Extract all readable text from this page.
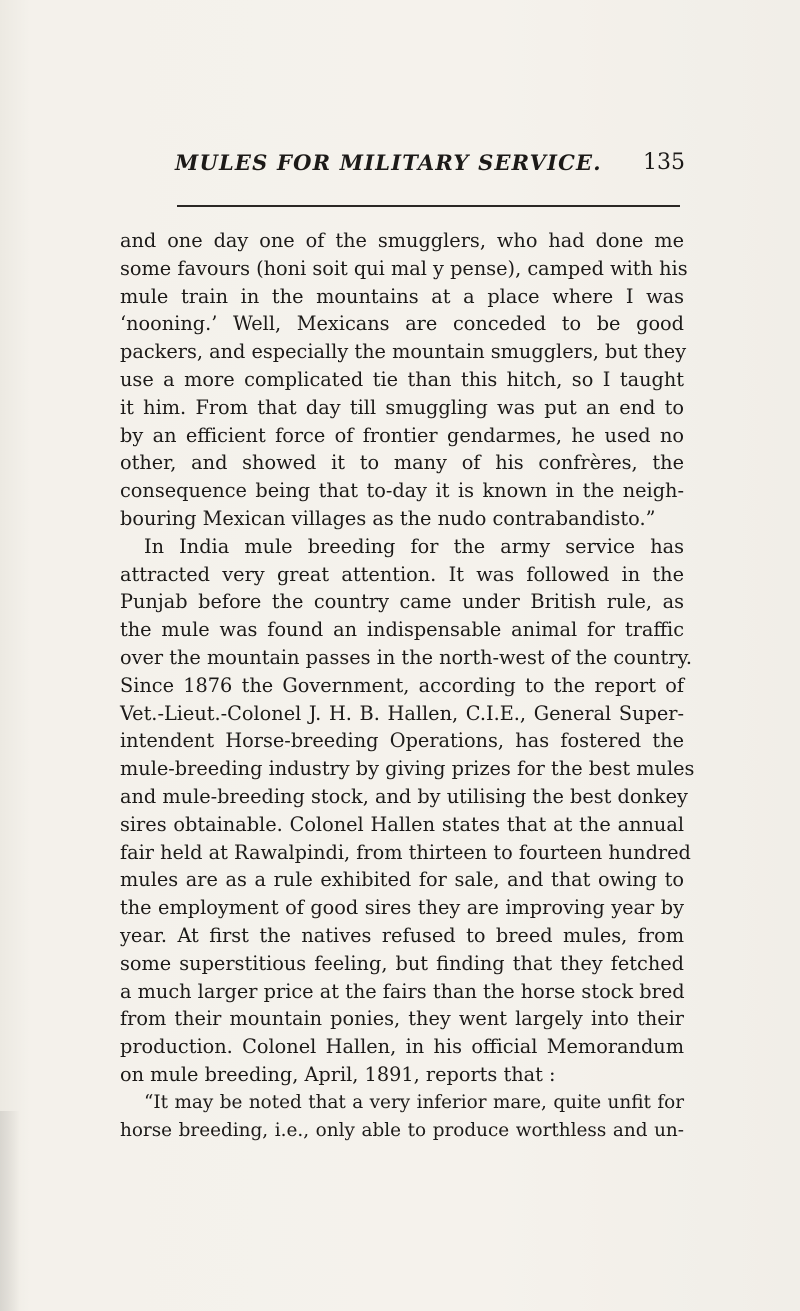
MULES FOR MILITARY SERVICE. 135
and one day one of the smugglers, who had done me
some favours (honi soit qui mal y pense), camped with his
mule train in the mountains at a place where I was
‘nooning.’ Well, Mexicans are conceded to be good
packers, and especially the mountain smugglers, but they
use a more complicated tie than this hitch, so I taught
it him. From that day till smuggling was put an end to
by an efficient force of frontier gendarmes, he used no
other, and showed it to many of his confrères, the
consequence being that to-day it is known in the neigh-
bouring Mexican villages as the nudo contrabandisto.”
In India mule breeding for the army service has
attracted very great attention. It was followed in the
Punjab before the country came under British rule, as
the mule was found an indispensable animal for traffic
over the mountain passes in the north-west of the country.
Since 1876 the Government, according to the report of
Vet.-Lieut.-Colonel J. H. B. Hallen, C.I.E., General Super-
intendent Horse-breeding Operations, has fostered the
mule-breeding industry by giving prizes for the best mules
and mule-breeding stock, and by utilising the best donkey
sires obtainable. Colonel Hallen states that at the annual
fair held at Rawalpindi, from thirteen to fourteen hundred
mules are as a rule exhibited for sale, and that owing to
the employment of good sires they are improving year by
year. At first the natives refused to breed mules, from
some superstitious feeling, but finding that they fetched
a much larger price at the fairs than the horse stock bred
from their mountain ponies, they went largely into their
production. Colonel Hallen, in his official Memorandum
on mule breeding, April, 1891, reports that :
“It may be noted that a very inferior mare, quite unfit for
horse breeding, i.e., only able to produce worthless and un-
